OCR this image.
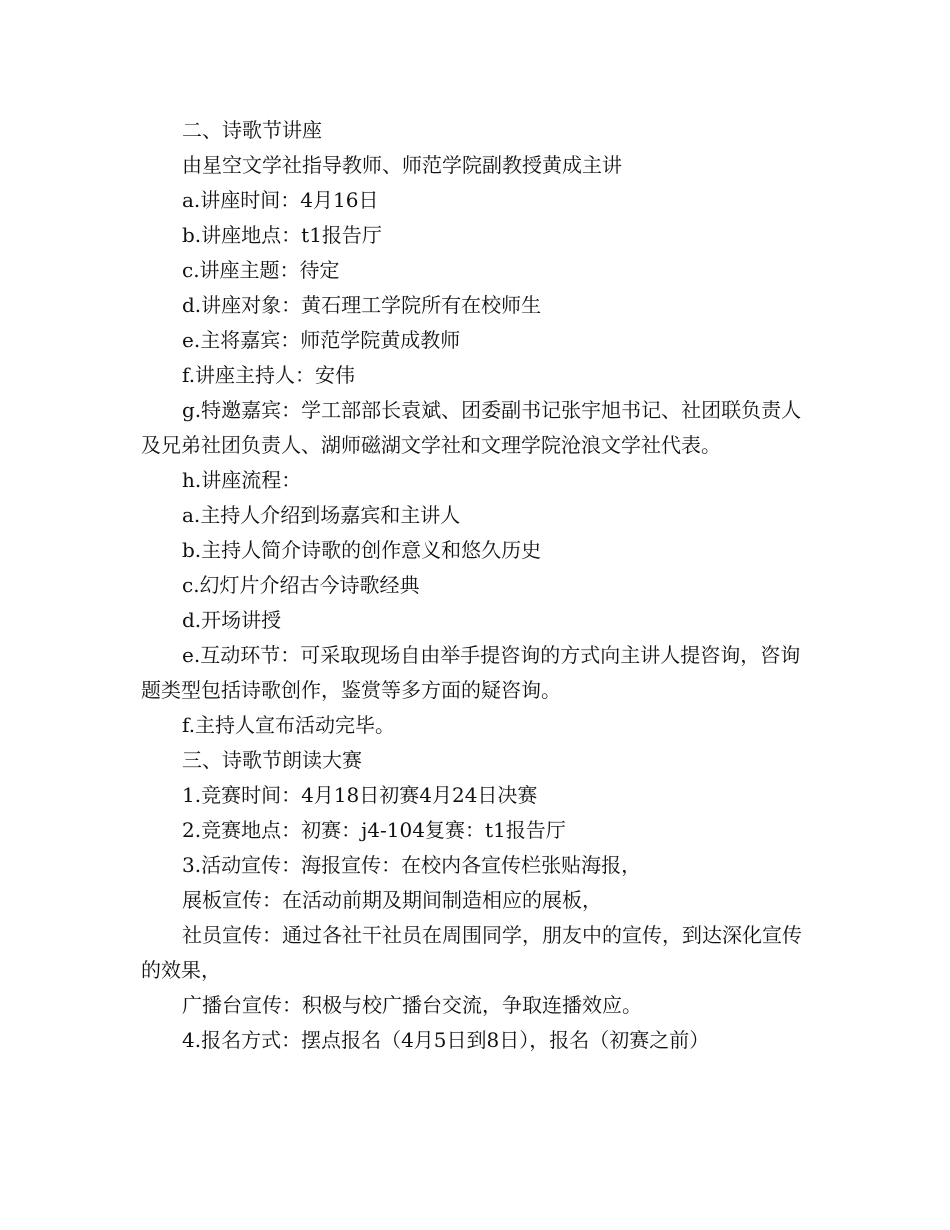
二、诗歌节讲座

由星空文学社指导教师、师范学院副教授黄成主讲

a.讲座时间：4月16日

b.讲座地点：t1报告厅

c.讲座主题：待定

d.讲座对象：黄石理工学院所有在校师生

e.主将嘉宾：师范学院黄成教师

f.讲座主持人：安伟

g.特邀嘉宾：学工部部长袁斌、团委副书记张宇旭书记、社团联负责人及兄弟社团负责人、湖师磁湖文学社和文理学院沧浪文学社代表。

h.讲座流程：

a.主持人介绍到场嘉宾和主讲人

b.主持人简介诗歌的创作意义和悠久历史

c.幻灯片介绍古今诗歌经典

d.开场讲授

e.互动环节：可采取现场自由举手提咨询的方式向主讲人提咨询，咨询题类型包括诗歌创作，鉴赏等多方面的疑咨询。

f.主持人宣布活动完毕。

三、诗歌节朗读大赛

1.竞赛时间：4月18日初赛4月24日决赛

2.竞赛地点：初赛：j4-104复赛：t1报告厅

3.活动宣传：海报宣传：在校内各宣传栏张贴海报，

展板宣传：在活动前期及期间制造相应的展板，

社员宣传：通过各社干社员在周围同学，朋友中的宣传，到达深化宣传的效果，

广播台宣传：积极与校广播台交流，争取连播效应。

4.报名方式：摆点报名（4月5日到8日），报名（初赛之前）
